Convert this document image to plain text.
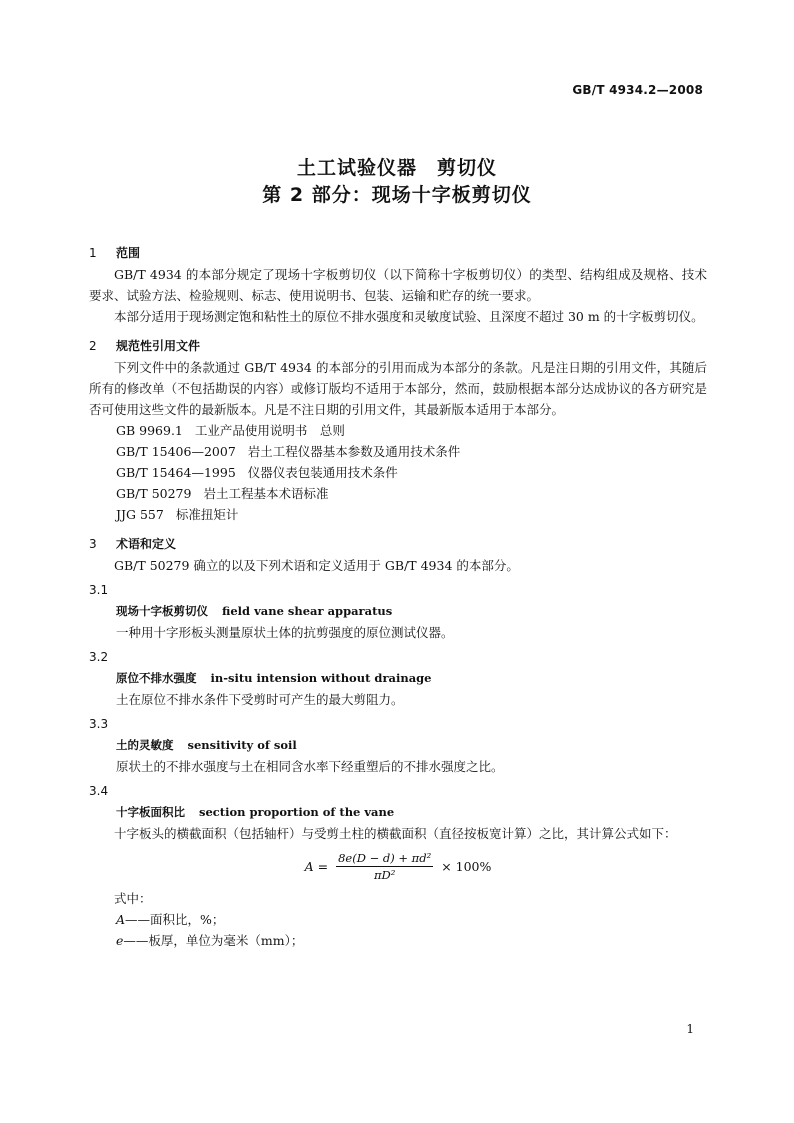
GB/T 4934.2—2008
土工试验仪器　剪切仪
第 2 部分：现场十字板剪切仪
1 范围

GB/T 4934 的本部分规定了现场十字板剪切仪（以下简称十字板剪切仪）的类型、结构组成及规格、技术要求、试验方法、检验规则、标志、使用说明书、包装、运输和贮存的统一要求。

本部分适用于现场测定饱和粘性土的原位不排水强度和灵敏度试验、且深度不超过 30 m 的十字板剪切仪。

2 规范性引用文件

下列文件中的条款通过 GB/T 4934 的本部分的引用而成为本部分的条款。凡是注日期的引用文件，其随后所有的修改单（不包括勘误的内容）或修订版均不适用于本部分，然而，鼓励根据本部分达成协议的各方研究是否可使用这些文件的最新版本。凡是不注日期的引用文件，其最新版本适用于本部分。

GB 9969.1 工业产品使用说明书　总则

GB/T 15406—2007 岩土工程仪器基本参数及通用技术条件

GB/T 15464—1995 仪器仪表包装通用技术条件

GB/T 50279 岩土工程基本术语标准

JJG 557 标准扭矩计

3 术语和定义

GB/T 50279 确立的以及下列术语和定义适用于 GB/T 4934 的本部分。

3.1
现场十字板剪切仪 field vane shear apparatus

一种用十字形板头测量原状土体的抗剪强度的原位测试仪器。

3.2
原位不排水强度 in-situ intension without drainage

土在原位不排水条件下受剪时可产生的最大剪阻力。

3.3
土的灵敏度 sensitivity of soil

原状土的不排水强度与土在相同含水率下经重塑后的不排水强度之比。

3.4
十字板面积比 section proportion of the vane

十字板头的横截面积（包括轴杆）与受剪土柱的横截面积（直径按板宽计算）之比，其计算公式如下：

$A = \frac{\text{8e(D − d) + πd²}}{\text{πD²}} \times 100\%$

式中：

A——面积比，%；

e——板厚，单位为毫米（mm）；

1
